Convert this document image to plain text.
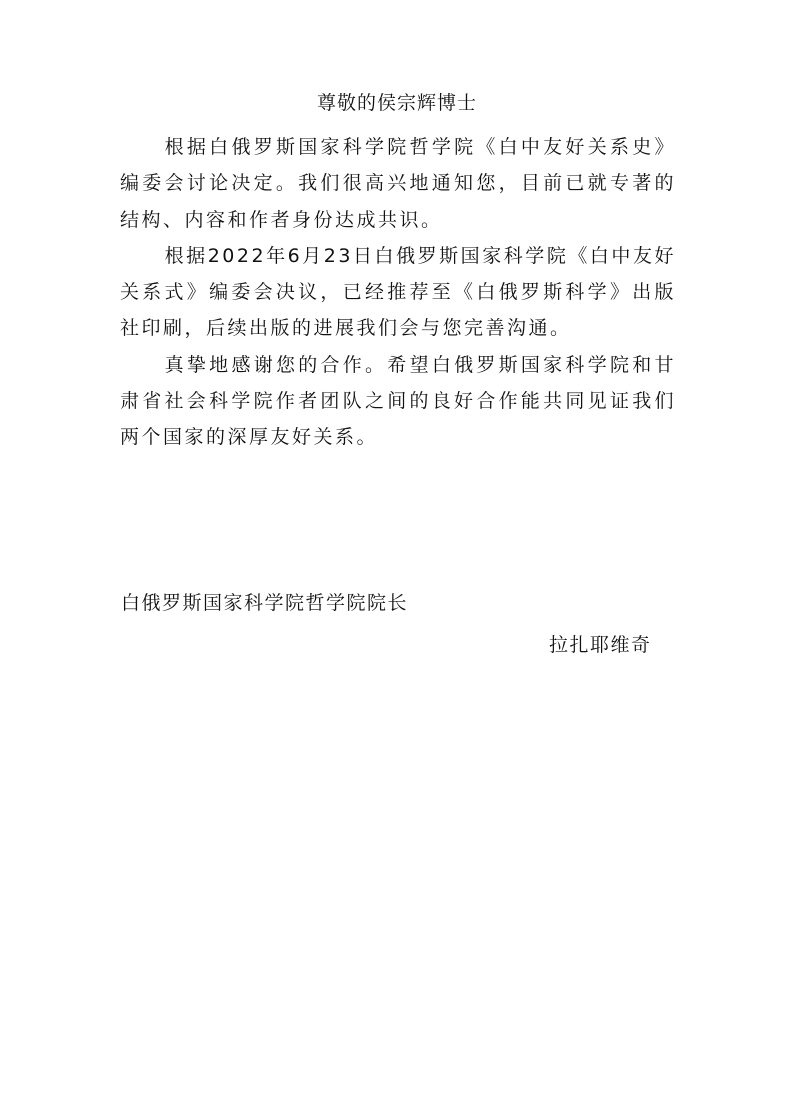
尊敬的侯宗辉博士

根据白俄罗斯国家科学院哲学院《白中友好关系史》编委会讨论决定。我们很高兴地通知您，目前已就专著的结构、内容和作者身份达成共识。

根据2022年6月23日白俄罗斯国家科学院《白中友好关系式》编委会决议，已经推荐至《白俄罗斯科学》出版社印刷，后续出版的进展我们会与您完善沟通。

真挚地感谢您的合作。希望白俄罗斯国家科学院和甘肃省社会科学院作者团队之间的良好合作能共同见证我们两个国家的深厚友好关系。

白俄罗斯国家科学院哲学院院长
拉扎耶维奇
